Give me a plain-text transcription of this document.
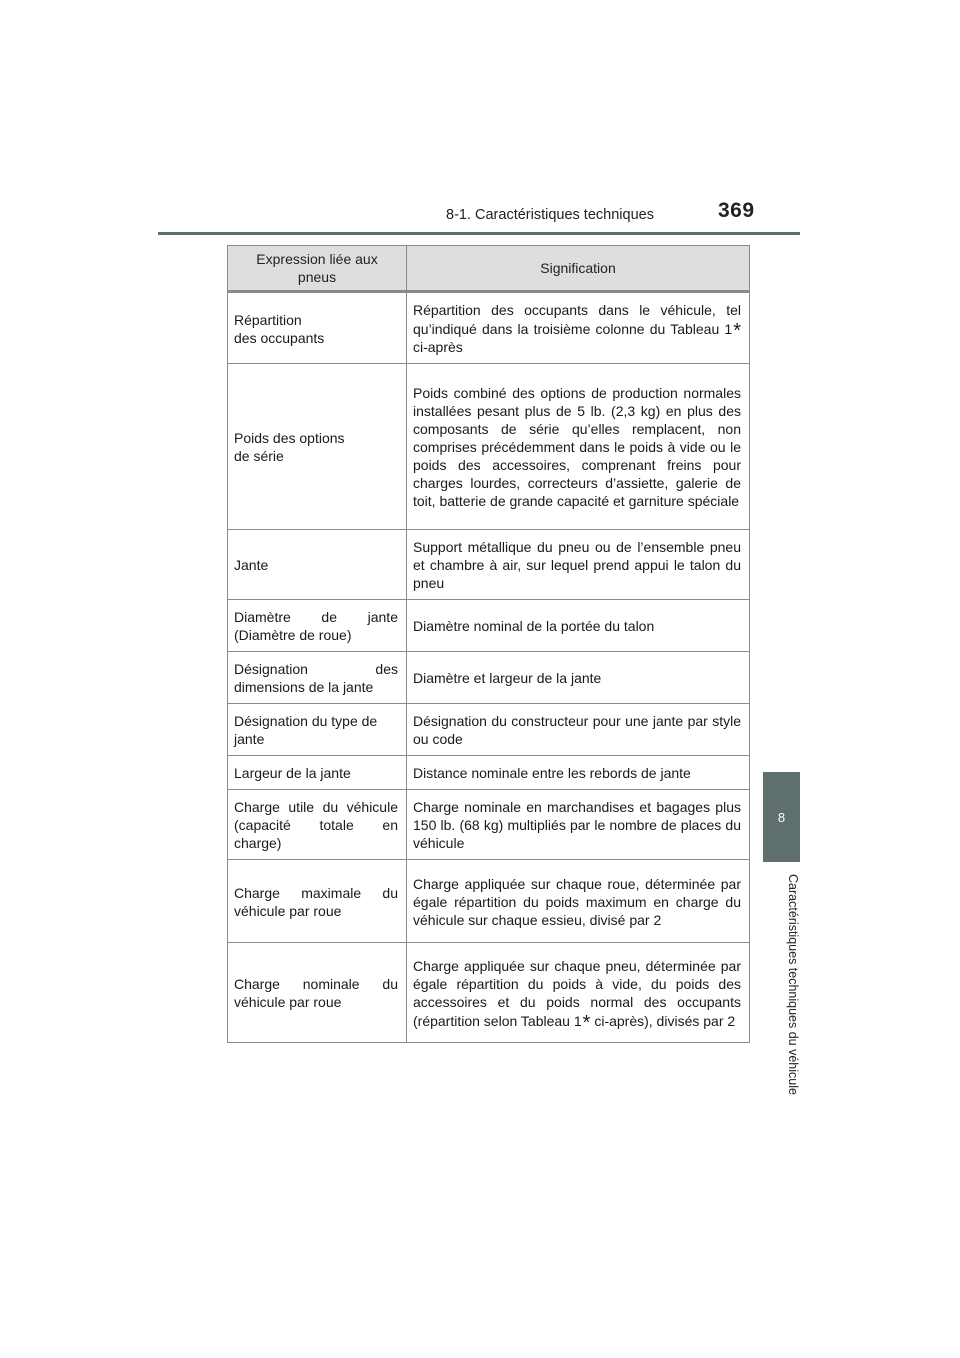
8-1. Caractéristiques techniques	369
8
Caractéristiques techniques du véhicule
Expression liée aux
pneus	Signification

Répartition
des occupants	Répartition des occupants dans le véhicule, tel qu’indiqué dans la troisième colonne du Tableau 1* ci-après

Poids des options
de série	Poids combiné des options de production normales installées pesant plus de 5 lb. (2,3 kg) en plus des composants de série qu’elles remplacent, non comprises précédemment dans le poids à vide ou le poids des accessoires, comprenant freins pour charges lourdes, correcteurs d’assiette, galerie de toit, batterie de grande capacité et garniture spéciale
Jante	Support métallique du pneu ou de l’ensemble pneu et chambre à air, sur lequel prend appui le talon du pneu
Diamètre de jante (Diamètre de roue)	Diamètre nominal de la portée du talon
Désignation des dimensions de la jante	Diamètre et largeur de la jante
Désignation du type de jante	Désignation du constructeur pour une jante par style ou code
Largeur de la jante	Distance nominale entre les rebords de jante
Charge utile du véhicule (capacité totale en charge)	Charge nominale en marchandises et bagages plus 150 lb. (68 kg) multipliés par le nombre de places du véhicule
Charge maximale du véhicule par roue	Charge appliquée sur chaque roue, déterminée par égale répartition du poids maximum en charge du véhicule sur chaque essieu, divisé par 2
Charge nominale du véhicule par roue	Charge appliquée sur chaque pneu, déterminée par égale répartition du poids à vide, du poids des accessoires et du poids normal des occupants (répartition selon Tableau 1* ci-après), divisés par 2
